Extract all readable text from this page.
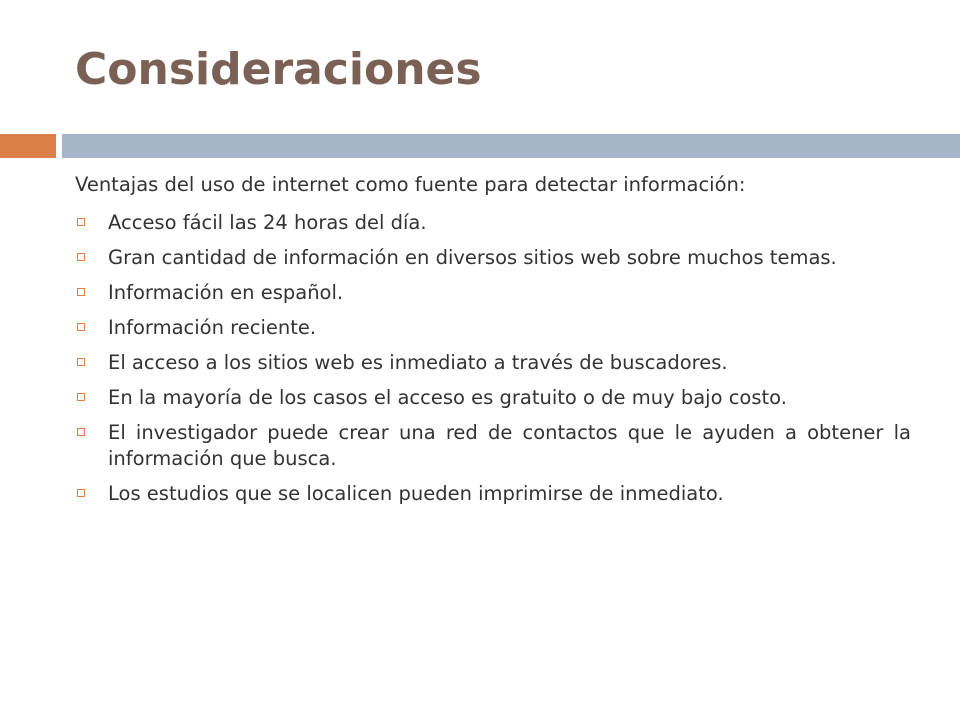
Consideraciones

Ventajas del uso de internet como fuente para detectar información:

Acceso fácil las 24 horas del día.
Gran cantidad de información en diversos sitios web sobre muchos temas.
Información en español.
Información reciente.
El acceso a los sitios web es inmediato a través de buscadores.
En la mayoría de los casos el acceso es gratuito o de muy bajo costo.
El investigador puede crear una red de contactos que le ayuden a obtener la información que busca.
Los estudios que se localicen pueden imprimirse de inmediato.
